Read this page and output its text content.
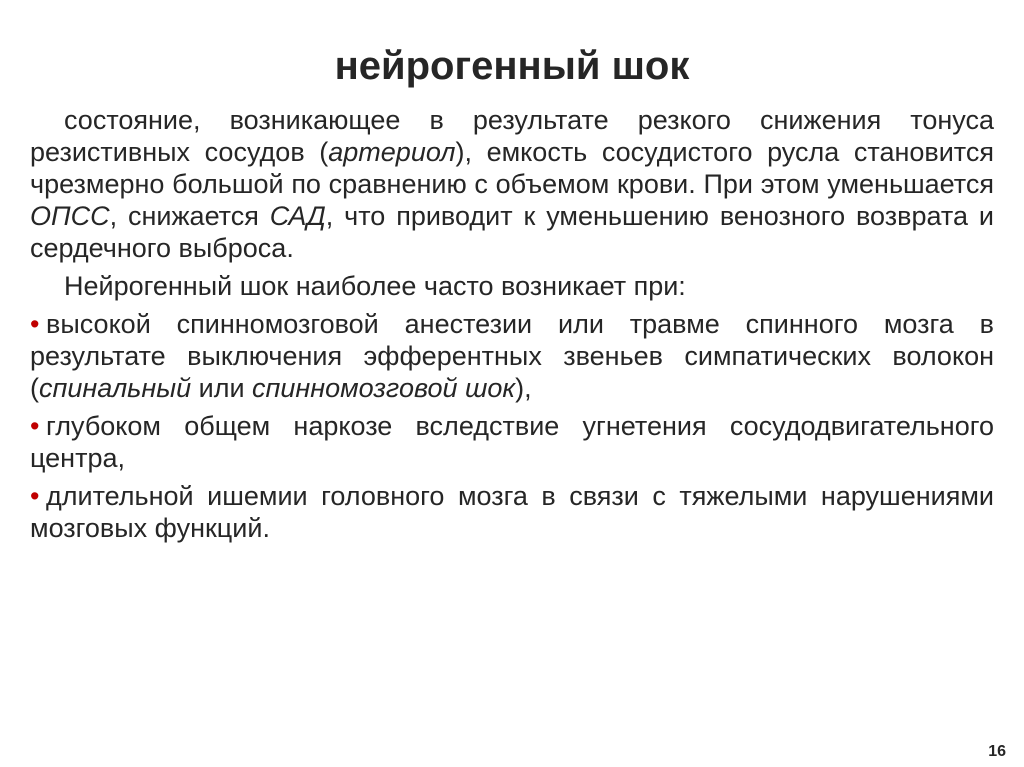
нейрогенный шок

состояние, возникающее в результате резкого снижения тонуса резистивных сосудов (артериол), емкость сосудистого русла становится чрезмерно большой по сравнению с объемом крови. При этом уменьшается ОПСС, снижается САД, что приводит к уменьшению венозного возврата и сердечного выброса.

Нейрогенный шок наиболее часто возникает при:

• высокой спинномозговой анестезии или травме спинного мозга в результате выключения эфферентных звеньев симпатических волокон (спинальный или спинномозговой шок),
• глубоком общем наркозе вследствие угнетения сосудодвигательного центра,
• длительной ишемии головного мозга в связи с тяжелыми нарушениями мозговых функций.
16
